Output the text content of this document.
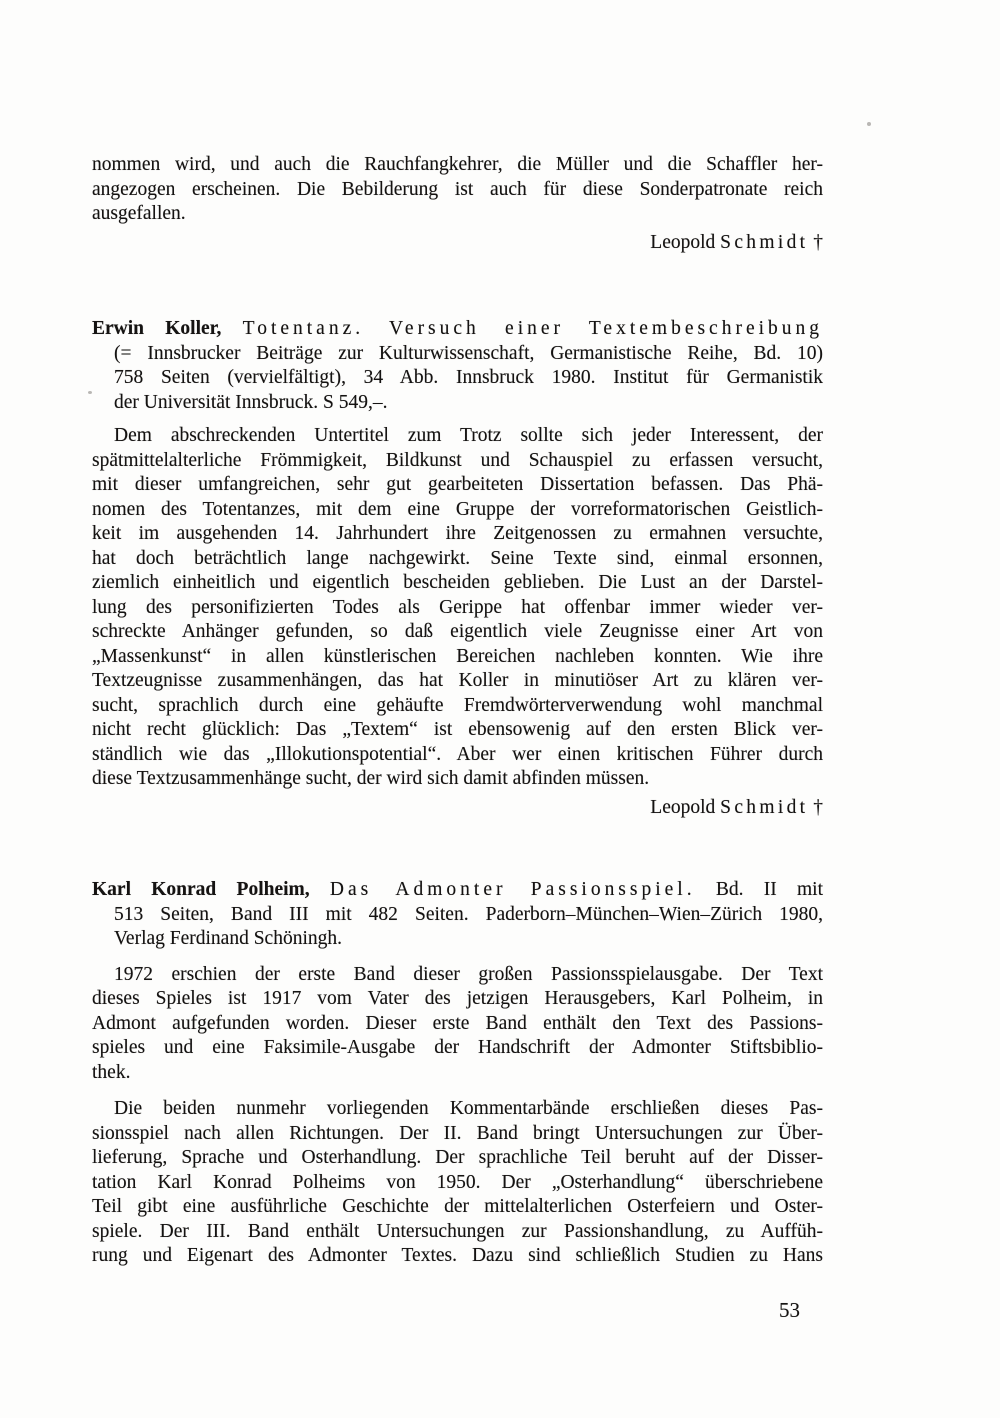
nommen wird, und auch die Rauchfangkehrer, die Müller und die Schaffler her-
angezogen erscheinen. Die Bebilderung ist auch für diese Sonderpatronate reich
ausgefallen.
Leopold Schmidt †
Erwin Koller, Totentanz. Versuch einer Textembeschreibung
(= Innsbrucker Beiträge zur Kulturwissenschaft, Germanistische Reihe, Bd. 10)
758 Seiten (vervielfältigt), 34 Abb. Innsbruck 1980. Institut für Germanistik
der Universität Innsbruck. S 549,–.
Dem abschreckenden Untertitel zum Trotz sollte sich jeder Interessent, der
spätmittelalterliche Frömmigkeit, Bildkunst und Schauspiel zu erfassen versucht,
mit dieser umfangreichen, sehr gut gearbeiteten Dissertation befassen. Das Phä-
nomen des Totentanzes, mit dem eine Gruppe der vorreformatorischen Geistlich-
keit im ausgehenden 14. Jahrhundert ihre Zeitgenossen zu ermahnen versuchte,
hat doch beträchtlich lange nachgewirkt. Seine Texte sind, einmal ersonnen,
ziemlich einheitlich und eigentlich bescheiden geblieben. Die Lust an der Darstel-
lung des personifizierten Todes als Gerippe hat offenbar immer wieder ver-
schreckte Anhänger gefunden, so daß eigentlich viele Zeugnisse einer Art von
„Massenkunst“ in allen künstlerischen Bereichen nachleben konnten. Wie ihre
Textzeugnisse zusammenhängen, das hat Koller in minutiöser Art zu klären ver-
sucht, sprachlich durch eine gehäufte Fremdwörterverwendung wohl manchmal
nicht recht glücklich: Das „Textem“ ist ebensowenig auf den ersten Blick ver-
ständlich wie das „Illokutionspotential“. Aber wer einen kritischen Führer durch
diese Textzusammenhänge sucht, der wird sich damit abfinden müssen.
Leopold Schmidt †
Karl Konrad Polheim, Das Admonter Passionsspiel. Bd. II mit
513 Seiten, Band III mit 482 Seiten. Paderborn–München–Wien–Zürich 1980,
Verlag Ferdinand Schöningh.
1972 erschien der erste Band dieser großen Passionsspielausgabe. Der Text
dieses Spieles ist 1917 vom Vater des jetzigen Herausgebers, Karl Polheim, in
Admont aufgefunden worden. Dieser erste Band enthält den Text des Passions-
spieles und eine Faksimile-Ausgabe der Handschrift der Admonter Stiftsbiblio-
thek.
Die beiden nunmehr vorliegenden Kommentarbände erschließen dieses Pas-
sionsspiel nach allen Richtungen. Der II. Band bringt Untersuchungen zur Über-
lieferung, Sprache und Osterhandlung. Der sprachliche Teil beruht auf der Disser-
tation Karl Konrad Polheims von 1950. Der „Osterhandlung“ überschriebene
Teil gibt eine ausführliche Geschichte der mittelalterlichen Osterfeiern und Oster-
spiele. Der III. Band enthält Untersuchungen zur Passionshandlung, zu Auffüh-
rung und Eigenart des Admonter Textes. Dazu sind schließlich Studien zu Hans
53
